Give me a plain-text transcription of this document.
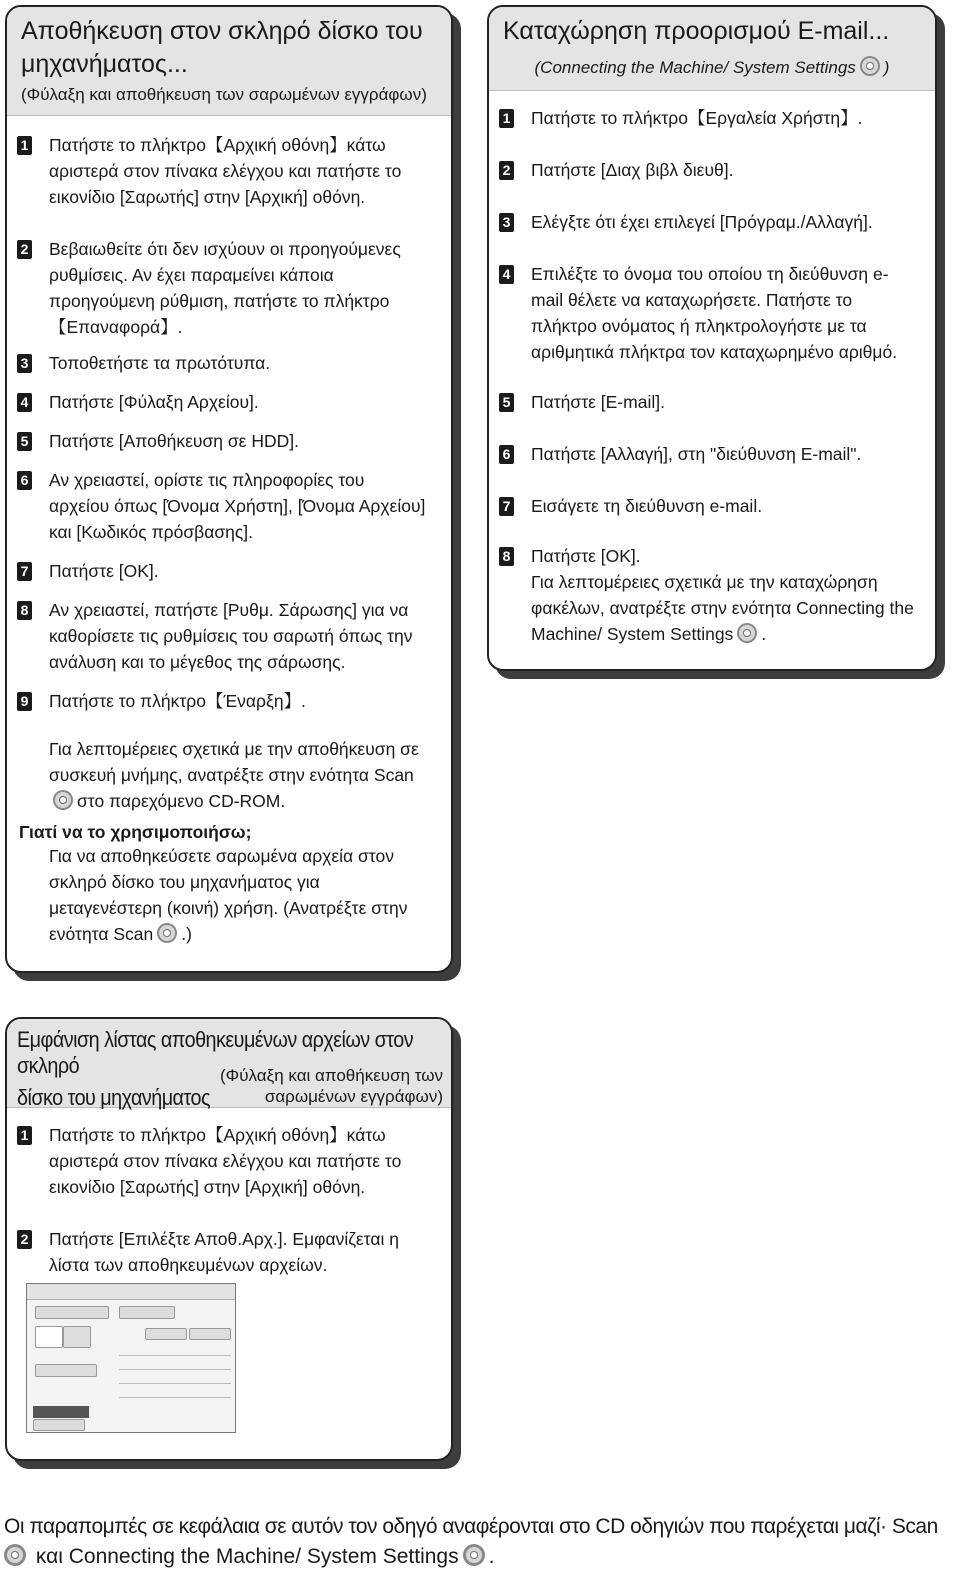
Αποθήκευση στον σκληρό δίσκο του μηχανήματος...
(Φύλαξη και αποθήκευση των σαρωμένων εγγράφων)
1 Πατήστε το πλήκτρο【Αρχική οθόνη】κάτω αριστερά στον πίνακα ελέγχου και πατήστε το εικονίδιο [Σαρωτής] στην [Αρχική] οθόνη.
2 Βεβαιωθείτε ότι δεν ισχύουν οι προηγούμενες ρυθμίσεις. Αν έχει παραμείνει κάποια προηγούμενη ρύθμιση, πατήστε το πλήκτρο【Επαναφορά】.
3 Τοποθετήστε τα πρωτότυπα.
4 Πατήστε [Φύλαξη Αρχείου].
5 Πατήστε [Αποθήκευση σε HDD].
6 Αν χρειαστεί, ορίστε τις πληροφορίες του αρχείου όπως [Όνομα Χρήστη], [Όνομα Αρχείου] και [Κωδικός πρόσβασης].
7 Πατήστε [OK].
8 Αν χρειαστεί, πατήστε [Ρυθμ. Σάρωσης] για να καθορίσετε τις ρυθμίσεις του σαρωτή όπως την ανάλυση και το μέγεθος της σάρωσης.
9 Πατήστε το πλήκτρο【Έναρξη】.
Για λεπτομέρειες σχετικά με την αποθήκευση σε συσκευή μνήμης, ανατρέξτε στην ενότητα Scanστο παρεχόμενο CD-ROM.
Γιατί να το χρησιμοποιήσω;
Για να αποθηκεύσετε σαρωμένα αρχεία στον σκληρό δίσκο του μηχανήματος για μεταγενέστερη (κοινή) χρήση. (Ανατρέξτε στην ενότητα Scan .)
Καταχώρηση προορισμού E-mail...
(Connecting the Machine/ System Settings )
1 Πατήστε το πλήκτρο【Εργαλεία Χρήστη】.
2 Πατήστε [Διαχ βιβλ διευθ].
3 Ελέγξτε ότι έχει επιλεγεί [Πρόγραμ./Αλλαγή].
4 Επιλέξτε το όνομα του οποίου τη διεύθυνση e-mail θέλετε να καταχωρήσετε. Πατήστε το πλήκτρο ονόματος ή πληκτρολογήστε με τα αριθμητικά πλήκτρα τον καταχωρημένο αριθμό.
5 Πατήστε [E-mail].
6 Πατήστε [Αλλαγή], στη "διεύθυνση E-mail".
7 Εισάγετε τη διεύθυνση e-mail.
8 Πατήστε [OK].
Για λεπτομέρειες σχετικά με την καταχώρηση φακέλων, ανατρέξτε στην ενότητα Connecting the Machine/ System Settings .
Εμφάνιση λίστας αποθηκευμένων αρχείων στον σκληρό
δίσκο του μηχανήματος
(Φύλαξη και αποθήκευση των σαρωμένων εγγράφων)
1 Πατήστε το πλήκτρο【Αρχική οθόνη】κάτω αριστερά στον πίνακα ελέγχου και πατήστε το εικονίδιο [Σαρωτής] στην [Αρχική] οθόνη.
2 Πατήστε [Επιλέξτε Αποθ.Αρχ.]. Εμφανίζεται η λίστα των αποθηκευμένων αρχείων.
Οι παραπομπές σε κεφάλαια σε αυτόν τον οδηγό αναφέρονται στο CD οδηγιών που παρέχεται μαζί· Scan
και Connecting the Machine/ System Settings .
